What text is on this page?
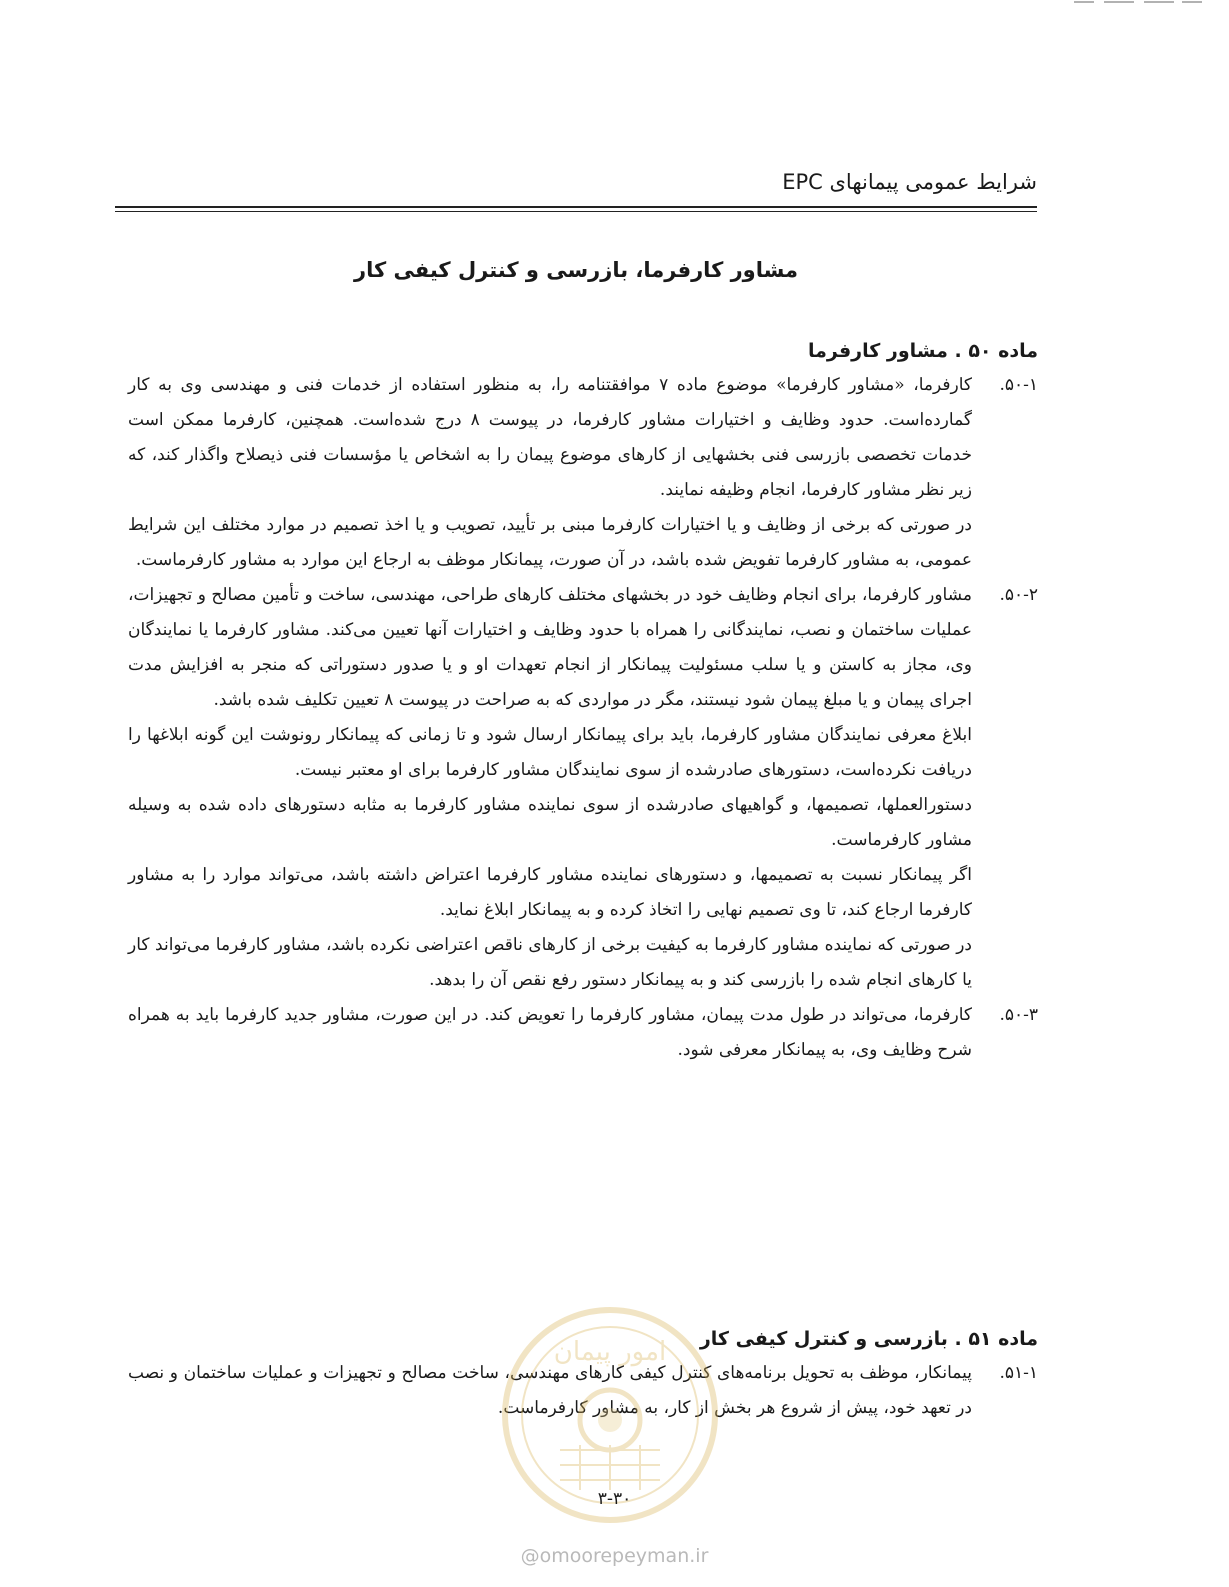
شرایط عمومی پیمانهای EPC
مشاور کارفرما، بازرسی و کنترل کیفی کار
ماده ۵۰ . مشاور کارفرما
۵۰-۱.

کارفرما، «مشاور کارفرما» موضوع ماده ۷ موافقتنامه را، به منظور استفاده از خدمات فنی و مهندسی وی به کار گمارده‌است. حدود وظایف و اختیارات مشاور کارفرما، در پیوست ۸ درج شده‌است. همچنین، کارفرما ممکن است خدمات تخصصی بازرسی فنی بخشهایی از کارهای موضوع پیمان را به اشخاص یا مؤسسات فنی ذیصلاح واگذار کند، که زیر نظر مشاور کارفرما، انجام وظیفه نمایند.

در صورتی که برخی از وظایف و یا اختیارات کارفرما مبنی بر تأیید، تصویب و یا اخذ تصمیم در موارد مختلف این شرایط عمومی، به مشاور کارفرما تفویض شده باشد، در آن صورت، پیمانکار موظف به ارجاع این موارد به مشاور کارفرماست.

۵۰-۲.

مشاور کارفرما، برای انجام وظایف خود در بخشهای مختلف کارهای طراحی، مهندسی، ساخت و تأمین مصالح و تجهیزات، عملیات ساختمان و نصب، نمایندگانی را همراه با حدود وظایف و اختیارات آنها تعیین می‌کند. مشاور کارفرما یا نمایندگان وی، مجاز به کاستن و یا سلب مسئولیت پیمانکار از انجام تعهدات او و یا صدور دستوراتی که منجر به افزایش مدت اجرای پیمان و یا مبلغ پیمان شود نیستند، مگر در مواردی که به صراحت در پیوست ۸ تعیین تکلیف شده باشد.

ابلاغ معرفی نمایندگان مشاور کارفرما، باید برای پیمانکار ارسال شود و تا زمانی که پیمانکار رونوشت این گونه ابلاغها را دریافت نکرده‌است، دستورهای صادرشده از سوی نمایندگان مشاور کارفرما برای او معتبر نیست.

دستورالعملها، تصمیمها، و گواهیهای صادرشده از سوی نماینده مشاور کارفرما به مثابه دستورهای داده شده به وسیله مشاور کارفرماست.

اگر پیمانکار نسبت به تصمیمها، و دستورهای نماینده مشاور کارفرما اعتراض داشته باشد، می‌تواند موارد را به مشاور کارفرما ارجاع کند، تا وی تصمیم نهایی را اتخاذ کرده و به پیمانکار ابلاغ نماید.

در صورتی که نماینده مشاور کارفرما به کیفیت برخی از کارهای ناقص اعتراضی نکرده باشد، مشاور کارفرما می‌تواند کار یا کارهای انجام شده را بازرسی کند و به پیمانکار دستور رفع نقص آن را بدهد.

۵۰-۳.

کارفرما، می‌تواند در طول مدت پیمان، مشاور کارفرما را تعویض کند. در این صورت، مشاور جدید کارفرما باید به همراه شرح وظایف وی، به پیمانکار معرفی شود.

ماده ۵۱ . بازرسی و کنترل کیفی کار
۵۱-۱.

پیمانکار، موظف به تحویل برنامه‌های کنترل کیفی کارهای مهندسی، ساخت مصالح و تجهیزات و عملیات ساختمان و نصب در تعهد خود، پیش از شروع هر بخش از کار، به مشاور کارفرماست.

امور پیمان
۳-۳۰
@omoorepeyman.ir
